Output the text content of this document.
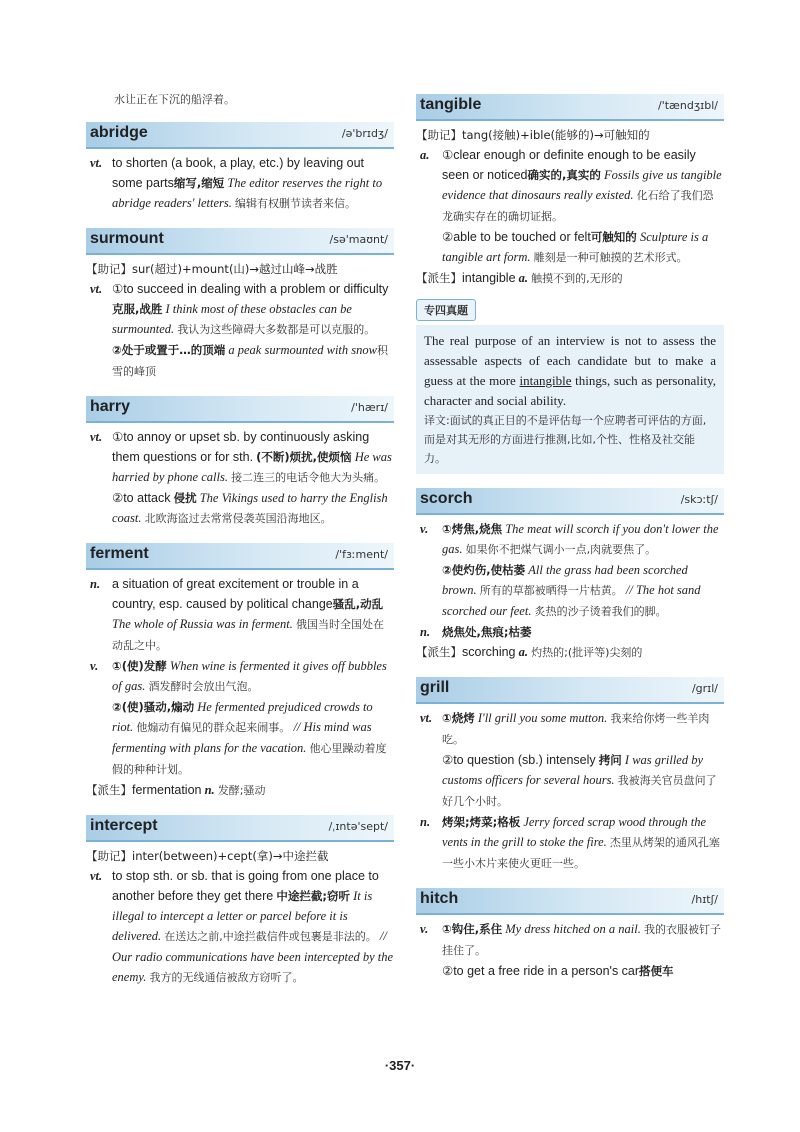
水让正在下沉的船浮着。

abridge	/ə'brɪdʒ/

vt. to shorten (a book, a play, etc.) by leaving out some parts缩写,缩短 The editor reserves the right to abridge readers' letters. 编辑有权删节读者来信。

surmount	/sə'maʊnt/

【助记】sur(超过)+mount(山)→越过山峰→战胜

vt. ①to succeed in dealing with a problem or difficulty克服,战胜 I think most of these obstacles can be surmounted. 我认为这些障碍大多数都是可以克服的。

②处于或置于…的顶端 a peak surmounted with snow积雪的峰顶

harry	/'hærɪ/

vt. ①to annoy or upset sb. by continuously asking them questions or for sth. (不断)烦扰,使烦恼 He was harried by phone calls. 接二连三的电话令他大为头痛。

②to attack 侵扰 The Vikings used to harry the English coast. 北欧海盗过去常常侵袭英国沿海地区。

ferment	/'fɜːment/

n. a situation of great excitement or trouble in a country, esp. caused by political change骚乱,动乱 The whole of Russia was in ferment. 俄国当时全国处在动乱之中。

v. ①(使)发酵 When wine is fermented it gives off bubbles of gas. 酒发酵时会放出气泡。

②(使)骚动,煽动 He fermented prejudiced crowds to riot. 他煽动有偏见的群众起来闹事。 // His mind was fermenting with plans for the vacation. 他心里躁动着度假的种种计划。

【派生】fermentation n. 发酵;骚动

intercept	/ˌɪntə'sept/

【助记】inter(between)+cept(拿)→中途拦截

vt. to stop sth. or sb. that is going from one place to another before they get there 中途拦截;窃听 It is illegal to intercept a letter or parcel before it is delivered. 在送达之前,中途拦截信件或包裹是非法的。 // Our radio communications have been intercepted by the enemy. 我方的无线通信被敌方窃听了。

tangible	/'tændʒɪbl/

【助记】tang(接触)+ible(能够的)→可触知的

a. ①clear enough or definite enough to be easily seen or noticed确实的,真实的 Fossils give us tangible evidence that dinosaurs really existed. 化石给了我们恐龙确实存在的确切证据。

②able to be touched or felt可触知的 Sculpture is a tangible art form. 雕刻是一种可触摸的艺术形式。

【派生】intangible a. 触摸不到的,无形的

专四真题

The real purpose of an interview is not to assess the assessable aspects of each candidate but to make a guess at the more intangible things, such as personality, character and social ability.

译文:面试的真正目的不是评估每一个应聘者可评估的方面,而是对其无形的方面进行推测,比如,个性、性格及社交能力。

scorch	/skɔːtʃ/

v. ①烤焦,烧焦 The meat will scorch if you don't lower the gas. 如果你不把煤气调小一点,肉就要焦了。

②使灼伤,使枯萎 All the grass had been scorched brown. 所有的草都被晒得一片枯黄。 // The hot sand scorched our feet. 炙热的沙子烫着我们的脚。

n. 烧焦处,焦痕;枯萎

【派生】scorching a. 灼热的;(批评等)尖刻的

grill	/grɪl/

vt. ①烧烤 I'll grill you some mutton. 我来给你烤一些羊肉吃。

②to question (sb.) intensely 拷问 I was grilled by customs officers for several hours. 我被海关官员盘问了好几个小时。

n. 烤架;烤菜;格板 Jerry forced scrap wood through the vents in the grill to stoke the fire. 杰里从烤架的通风孔塞一些小木片来使火更旺一些。

hitch	/hɪtʃ/

v. ①钩住,系住 My dress hitched on a nail. 我的衣服被钉子挂住了。

②to get a free ride in a person's car搭便车

·357·
